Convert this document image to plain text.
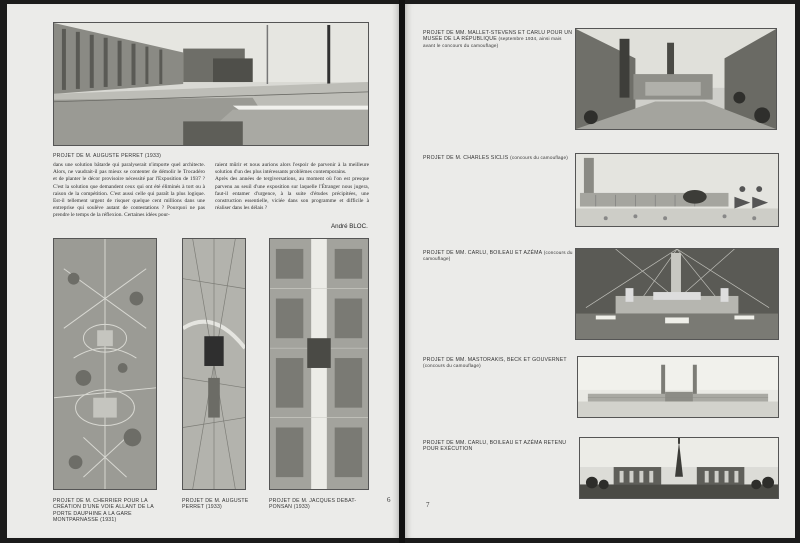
PROJET DE M. AUGUSTE PERRET (1933)
dans une solution bâtarde qui paralyserait n'importe quel architecte. Alors, ne vaudrait-il pas mieux se contenter de démolir le Trocadéro et de planter le décor provisoire nécessité par l'Exposition de 1937 ? C'est la solution que demandent ceux qui ont été éliminés à tort ou à raison de la compétition. C'est aussi celle qui paraît la plus logique. Est-il tellement urgent de risquer quelque cent millions dans une entreprise qui soulève autant de contestations ? Pourquoi ne pas prendre le temps de la réflexion. Certaines idées pour-
raient mûrir et nous aurions alors l'espoir de parvenir à la meilleure solution d'un des plus intéressants problèmes contemporains.
Après des années de tergiversations, au moment où l'on est presque parvenu au seuil d'une exposition sur laquelle l'Étranger nous jugera, faut-il entamer d'urgence, à la suite d'études précipitées, une construction essentielle, viciée dans son programme et difficile à réaliser dans les délais ?
André BLOC.
PROJET DE M. CHERRIER POUR LA CRÉATION D'UNE VOIE ALLANT DE LA PORTE DAUPHINE A LA GARE MONTPARNASSE (1931)
PROJET DE M. AUGUSTE PERRET (1933)
PROJET DE M. JACQUES DEBAT-PONSAN (1933)
6
PROJET DE MM. MALLET-STEVENS ET CARLU POUR UN MUSÉE DE LA RÉPUBLIQUE (septembre 1934, ainsi mais avant le concours du camouflage)
PROJET DE M. CHARLES SICLIS (concours du camouflage)
PROJET DE MM. CARLU, BOILEAU ET AZÉMA (concours du camouflage)
PROJET DE MM. MASTORAKIS, BECK ET GOUVERNET (concours du camouflage)
PROJET DE MM. CARLU, BOILEAU ET AZÉMA RETENU POUR EXÉCUTION
7
